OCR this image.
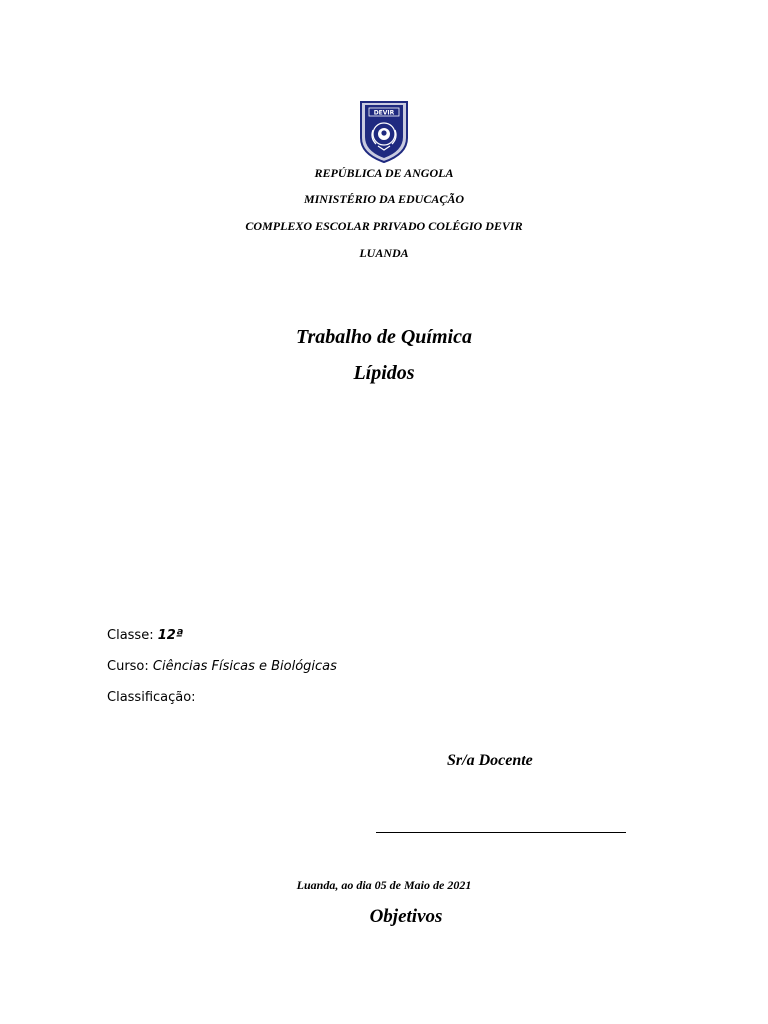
DEVIR
REPÚBLICA DE ANGOLA
MINISTÉRIO DA EDUCAÇÃO
COMPLEXO ESCOLAR PRIVADO COLÉGIO DEVIR
LUANDA
Trabalho de Química
Lípidos
Classe: 12ª
Curso: Ciências Físicas e Biológicas
Classificação:
Sr/a Docente
Luanda, ao dia 05 de Maio de 2021
Objetivos
